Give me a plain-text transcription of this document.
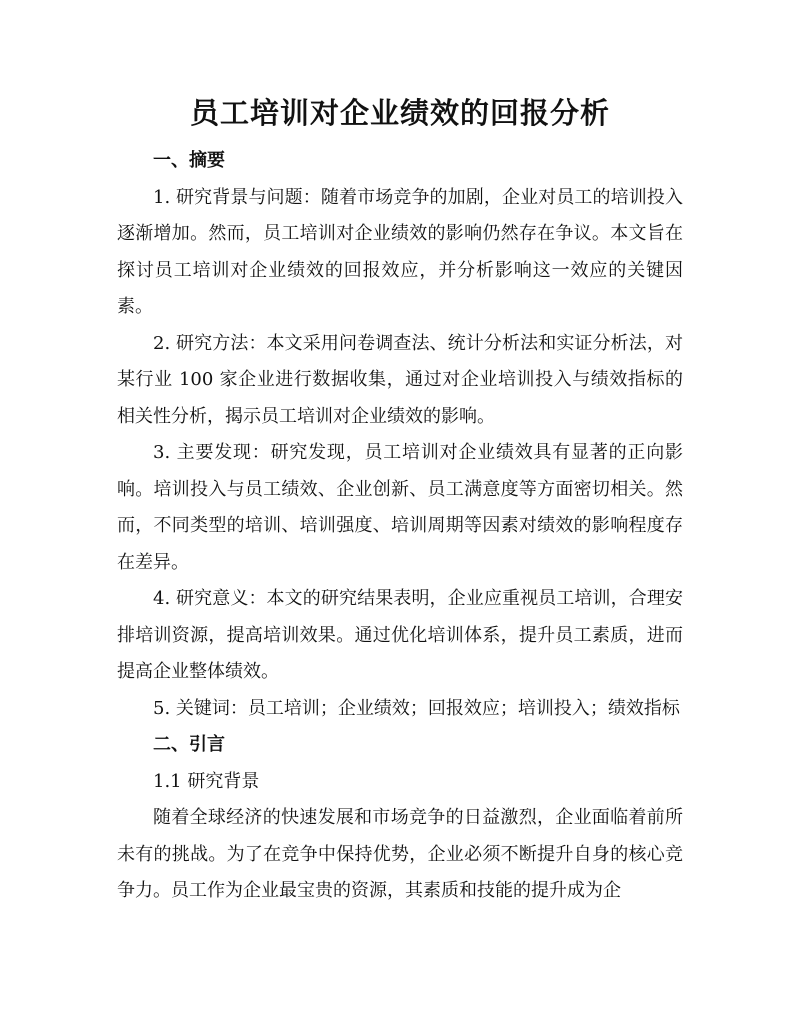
员工培训对企业绩效的回报分析

一、摘要

1. 研究背景与问题：随着市场竞争的加剧，企业对员工的培训投入逐渐增加。然而，员工培训对企业绩效的影响仍然存在争议。本文旨在探讨员工培训对企业绩效的回报效应，并分析影响这一效应的关键因素。

2. 研究方法：本文采用问卷调查法、统计分析法和实证分析法，对某行业 100 家企业进行数据收集，通过对企业培训投入与绩效指标的相关性分析，揭示员工培训对企业绩效的影响。

3. 主要发现：研究发现，员工培训对企业绩效具有显著的正向影响。培训投入与员工绩效、企业创新、员工满意度等方面密切相关。然而，不同类型的培训、培训强度、培训周期等因素对绩效的影响程度存在差异。

4. 研究意义：本文的研究结果表明，企业应重视员工培训，合理安排培训资源，提高培训效果。通过优化培训体系，提升员工素质，进而提高企业整体绩效。

5. 关键词：员工培训；企业绩效；回报效应；培训投入；绩效指标

二、引言

1.1 研究背景

随着全球经济的快速发展和市场竞争的日益激烈，企业面临着前所未有的挑战。为了在竞争中保持优势，企业必须不断提升自身的核心竞争力。员工作为企业最宝贵的资源，其素质和技能的提升成为企
